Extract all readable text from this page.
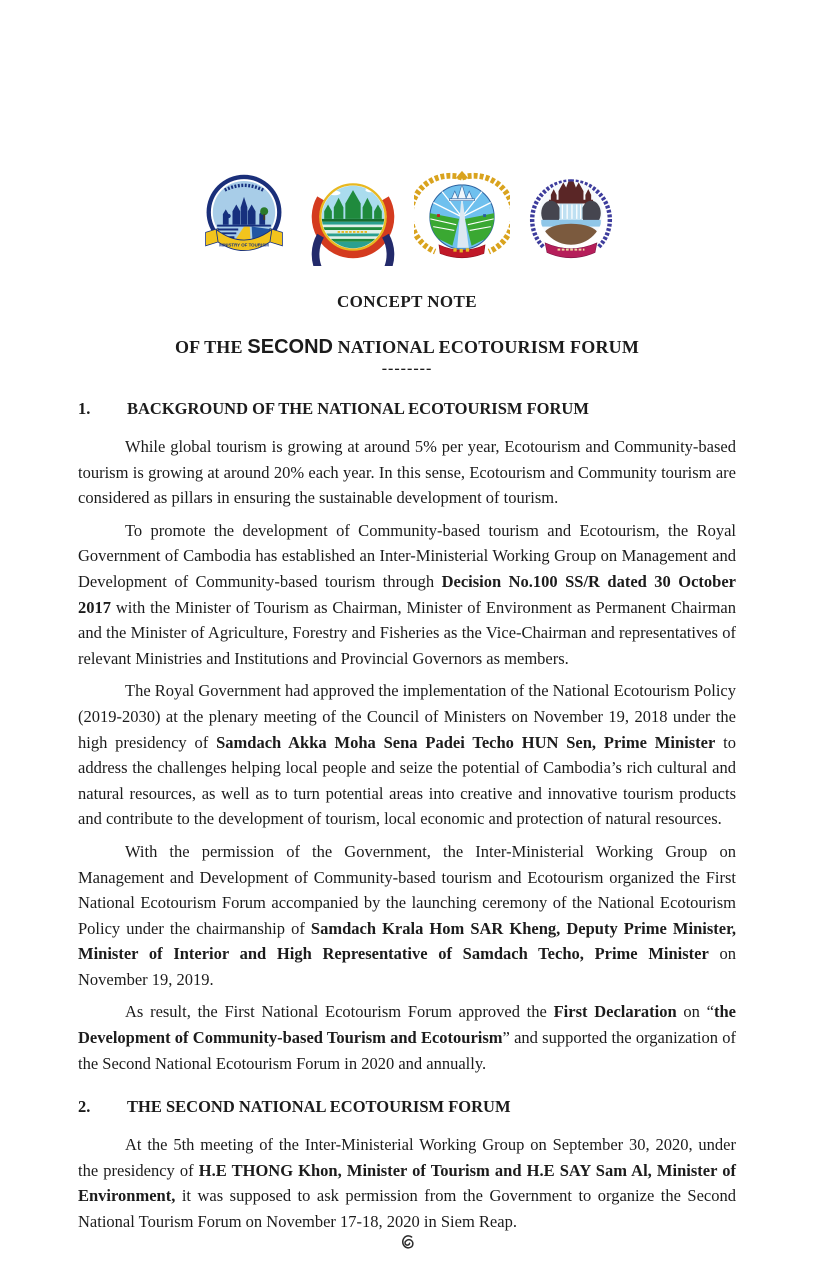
MINISTRY OF TOURISM
CONCEPT NOTE
OF THE SECOND NATIONAL ECOTOURISM FORUM
--------
1.	BACKGROUND OF THE NATIONAL ECOTOURISM FORUM

While global tourism is growing at around 5% per year, Ecotourism and Community-based tourism is growing at around 20% each year. In this sense, Ecotourism and Community tourism are considered as pillars in ensuring the sustainable development of tourism.

To promote the development of Community-based tourism and Ecotourism, the Royal Government of Cambodia has established an Inter-Ministerial Working Group on Management and Development of Community-based tourism through Decision No.100 SS/R dated 30 October 2017 with the Minister of Tourism as Chairman, Minister of Environment as Permanent Chairman and the Minister of Agriculture, Forestry and Fisheries as the Vice-Chairman and representatives of relevant Ministries and Institutions and Provincial Governors as members.

The Royal Government had approved the implementation of the National Ecotourism Policy (2019-2030) at the plenary meeting of the Council of Ministers on November 19, 2018 under the high presidency of Samdach Akka Moha Sena Padei Techo HUN Sen, Prime Minister to address the challenges helping local people and seize the potential of Cambodia’s rich cultural and natural resources, as well as to turn potential areas into creative and innovative tourism products and contribute to the development of tourism, local economic and protection of natural resources.

With the permission of the Government, the Inter-Ministerial Working Group on Management and Development of Community-based tourism and Ecotourism organized the First National Ecotourism Forum accompanied by the launching ceremony of the National Ecotourism Policy under the chairmanship of Samdach Krala Hom SAR Kheng, Deputy Prime Minister, Minister of Interior and High Representative of Samdach Techo, Prime Minister on November 19, 2019.

As result, the First National Ecotourism Forum approved the First Declaration on “the Development of Community-based Tourism and Ecotourism” and supported the organization of the Second National Ecotourism Forum in 2020 and annually.

2.	THE SECOND NATIONAL ECOTOURISM FORUM

At the 5th meeting of the Inter-Ministerial Working Group on September 30, 2020, under the presidency of H.E THONG Khon, Minister of Tourism and H.E SAY Sam Al, Minister of Environment, it was supposed to ask permission from the Government to organize the Second National Tourism Forum on November 17-18, 2020 in Siem Reap.
